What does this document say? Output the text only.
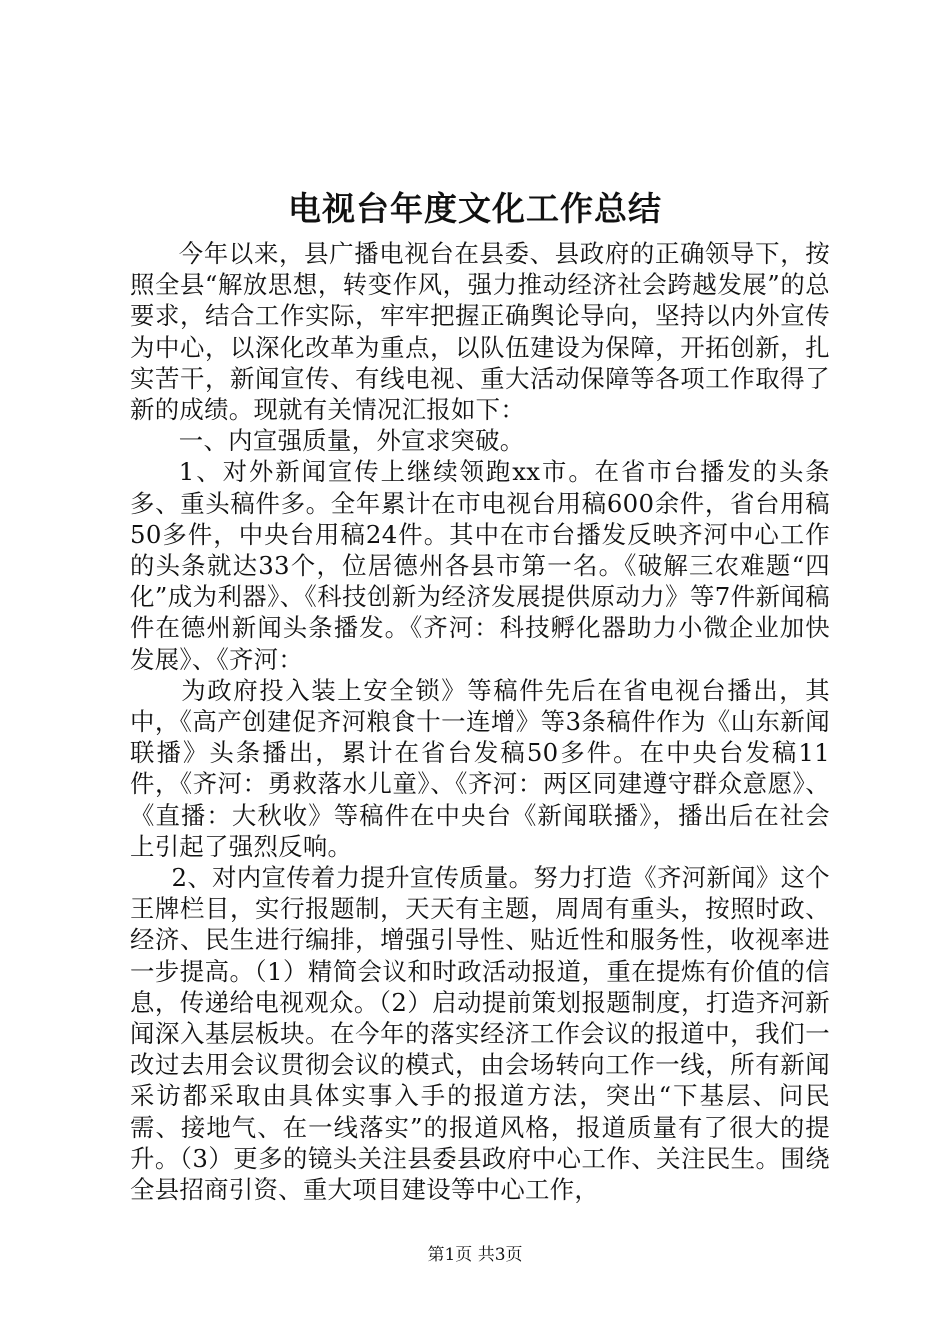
电视台年度文化工作总结

今年以来，县广播电视台在县委、县政府的正确领导下，按照全县“解放思想，转变作风，强力推动经济社会跨越发展”的总要求，结合工作实际，牢牢把握正确舆论导向，坚持以内外宣传为中心，以深化改革为重点，以队伍建设为保障，开拓创新，扎实苦干，新闻宣传、有线电视、重大活动保障等各项工作取得了新的成绩。现就有关情况汇报如下：

一、内宣强质量，外宣求突破。

1、对外新闻宣传上继续领跑xx市。在省市台播发的头条多、重头稿件多。全年累计在市电视台用稿600余件，省台用稿50多件，中央台用稿24件。其中在市台播发反映齐河中心工作的头条就达33个，位居德州各县市第一名。《破解三农难题“四化”成为利器》、《科技创新为经济发展提供原动力》等7件新闻稿件在德州新闻头条播发。《齐河：科技孵化器助力小微企业加快发展》、《齐河：

为政府投入装上安全锁》等稿件先后在省电视台播出，其中，《高产创建促齐河粮食十一连增》等3条稿件作为《山东新闻联播》头条播出，累计在省台发稿50多件。在中央台发稿11件，《齐河：勇救落水儿童》、《齐河：两区同建遵守群众意愿》、《直播：大秋收》等稿件在中央台《新闻联播》，播出后在社会上引起了强烈反响。

2、对内宣传着力提升宣传质量。努力打造《齐河新闻》这个王牌栏目，实行报题制，天天有主题，周周有重头，按照时政、经济、民生进行编排，增强引导性、贴近性和服务性，收视率进一步提高。（1）精简会议和时政活动报道，重在提炼有价值的信息，传递给电视观众。（2）启动提前策划报题制度，打造齐河新闻深入基层板块。在今年的落实经济工作会议的报道中，我们一改过去用会议贯彻会议的模式，由会场转向工作一线，所有新闻采访都采取由具体实事入手的报道方法，突出“下基层、问民需、接地气、在一线落实”的报道风格，报道质量有了很大的提升。（3）更多的镜头关注县委县政府中心工作、关注民生。围绕全县招商引资、重大项目建设等中心工作，

第1页 共3页
